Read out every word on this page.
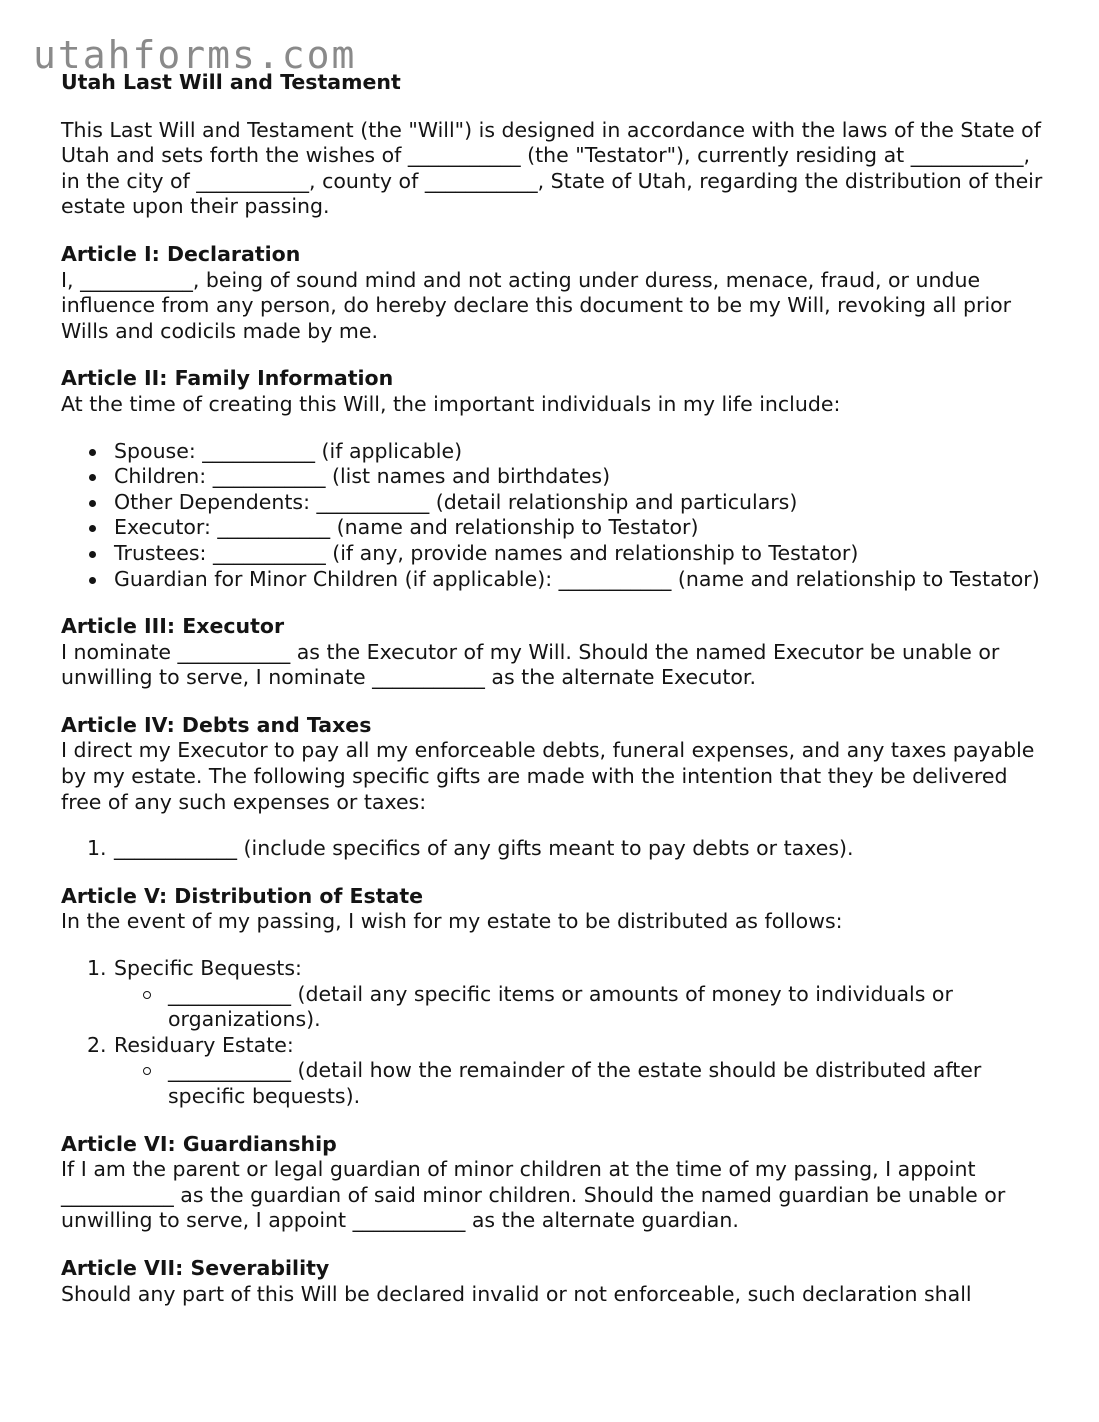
utahforms.com
Utah Last Will and Testament

This Last Will and Testament (the "Will") is designed in accordance with the laws of the State of Utah and sets forth the wishes of ___________ (the "Testator"), currently residing at ___________, in the city of ___________, county of ___________, State of Utah, regarding the distribution of their estate upon their passing.

Article I: Declaration
I, ___________, being of sound mind and not acting under duress, menace, fraud, or undue influence from any person, do hereby declare this document to be my Will, revoking all prior Wills and codicils made by me.
Article II: Family Information
At the time of creating this Will, the important individuals in my life include:
Spouse: ___________ (if applicable)
Children: ___________ (list names and birthdates)
Other Dependents: ___________ (detail relationship and particulars)
Executor: ___________ (name and relationship to Testator)
Trustees: ___________ (if any, provide names and relationship to Testator)
Guardian for Minor Children (if applicable): ___________ (name and relationship to Testator)
Article III: Executor
I nominate ___________ as the Executor of my Will. Should the named Executor be unable or unwilling to serve, I nominate ___________ as the alternate Executor.
Article IV: Debts and Taxes
I direct my Executor to pay all my enforceable debts, funeral expenses, and any taxes payable by my estate. The following specific gifts are made with the intention that they be delivered free of any such expenses or taxes:
1. ____________ (include specifics of any gifts meant to pay debts or taxes).
Article V: Distribution of Estate
In the event of my passing, I wish for my estate to be distributed as follows:
1. Specific Bequests:
____________ (detail any specific items or amounts of money to individuals or organizations).
2. Residuary Estate:
____________ (detail how the remainder of the estate should be distributed after specific bequests).
Article VI: Guardianship
If I am the parent or legal guardian of minor children at the time of my passing, I appoint ___________ as the guardian of said minor children. Should the named guardian be unable or unwilling to serve, I appoint ___________ as the alternate guardian.
Article VII: Severability
Should any part of this Will be declared invalid or not enforceable, such declaration shall
